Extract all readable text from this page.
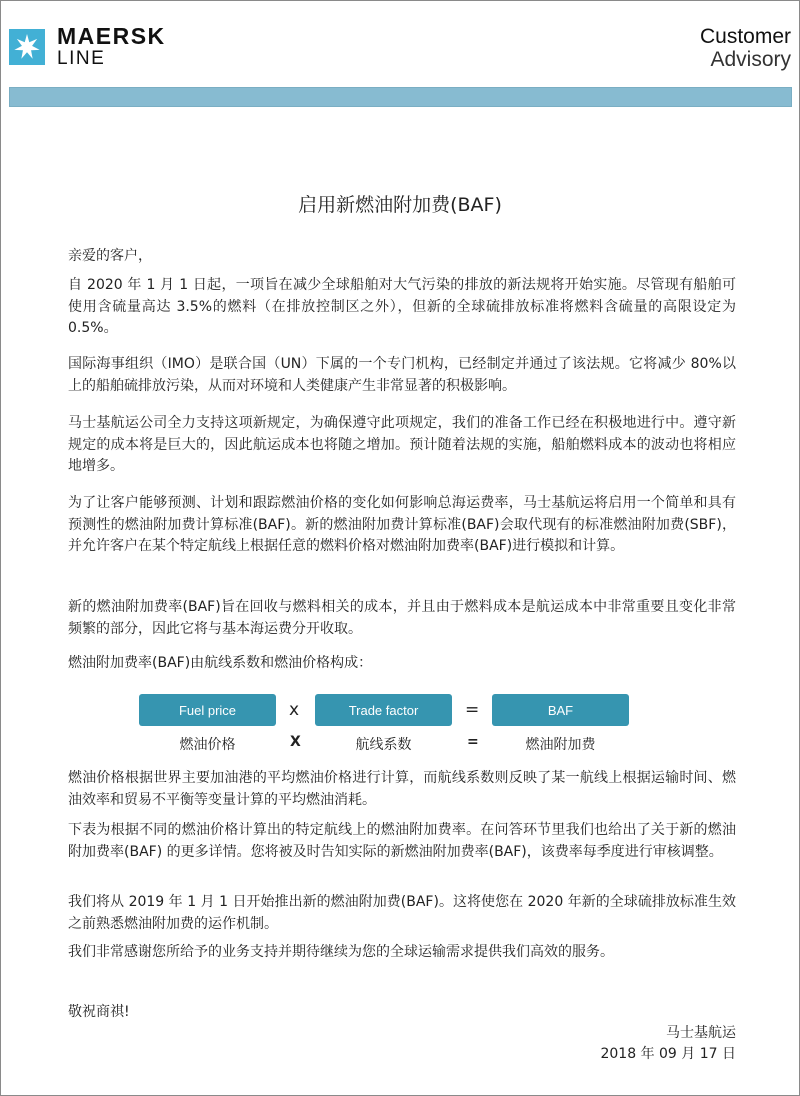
MAERSK
LINE
Customer
Advisory
启用新燃油附加费(BAF)
亲爱的客户，
自 2020 年 1 月 1 日起，一项旨在减少全球船舶对大气污染的排放的新法规将开始实施。尽管现有船舶可使用含硫量高达 3.5%的燃料（在排放控制区之外），但新的全球硫排放标准将燃料含硫量的高限设定为 0.5%。
国际海事组织（IMO）是联合国（UN）下属的一个专门机构，已经制定并通过了该法规。它将减少 80%以上的船舶硫排放污染，从而对环境和人类健康产生非常显著的积极影响。
马士基航运公司全力支持这项新规定，为确保遵守此项规定，我们的准备工作已经在积极地进行中。遵守新规定的成本将是巨大的，因此航运成本也将随之增加。预计随着法规的实施，船舶燃料成本的波动也将相应地增多。
为了让客户能够预测、计划和跟踪燃油价格的变化如何影响总海运费率，马士基航运将启用一个简单和具有预测性的燃油附加费计算标准(BAF)。新的燃油附加费计算标准(BAF)会取代现有的标准燃油附加费(SBF)，并允许客户在某个特定航线上根据任意的燃料价格对燃油附加费率(BAF)进行模拟和计算。
新的燃油附加费率(BAF)旨在回收与燃料相关的成本，并且由于燃料成本是航运成本中非常重要且变化非常频繁的部分，因此它将与基本海运费分开收取。
燃油附加费率(BAF)由航线系数和燃油价格构成：
Fuel price	x	Trade factor	=	BAF
燃油价格	X	航线系数	=	燃油附加费
燃油价格根据世界主要加油港的平均燃油价格进行计算，而航线系数则反映了某一航线上根据运输时间、燃油效率和贸易不平衡等变量计算的平均燃油消耗。
下表为根据不同的燃油价格计算出的特定航线上的燃油附加费率。在问答环节里我们也给出了关于新的燃油附加费率(BAF) 的更多详情。您将被及时告知实际的新燃油附加费率(BAF)，该费率每季度进行审核调整。
我们将从 2019 年 1 月 1 日开始推出新的燃油附加费(BAF)。这将使您在 2020 年新的全球硫排放标准生效之前熟悉燃油附加费的运作机制。
我们非常感谢您所给予的业务支持并期待继续为您的全球运输需求提供我们高效的服务。
敬祝商祺!
马士基航运
2018 年 09 月 17 日
